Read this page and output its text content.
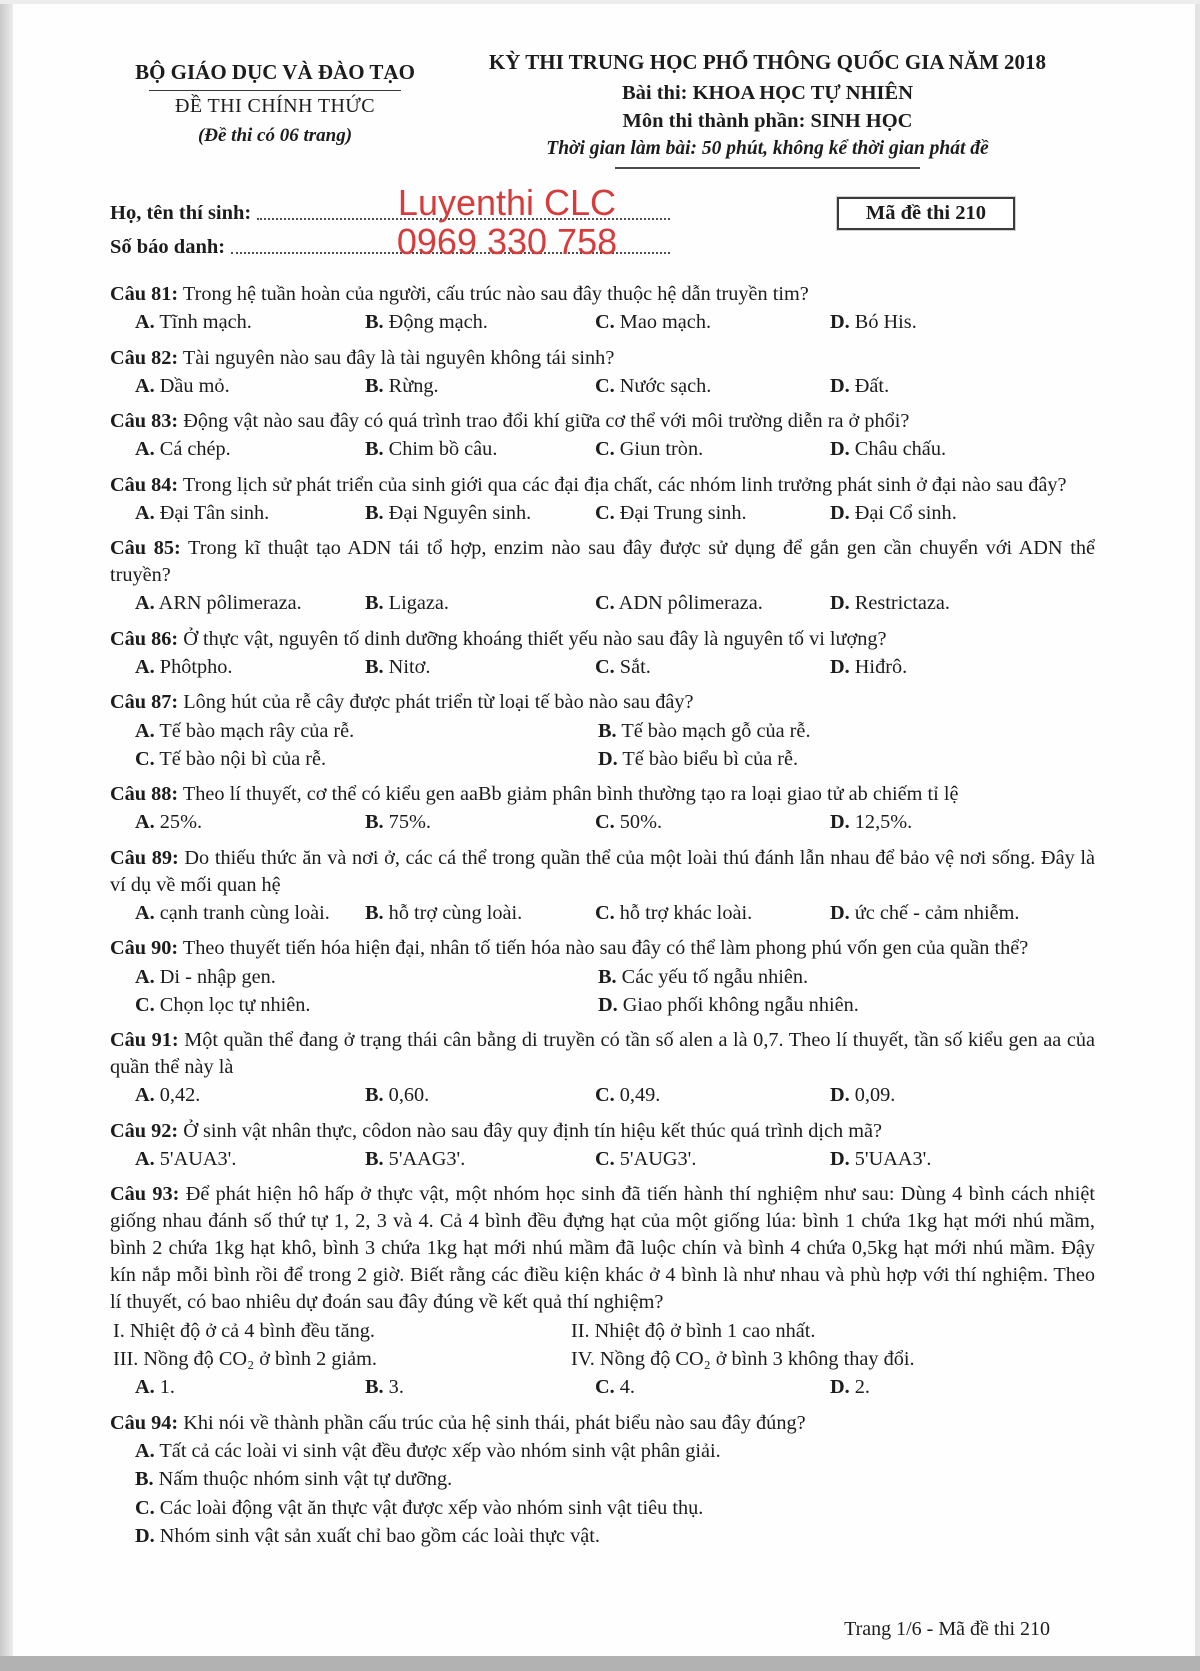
BỘ GIÁO DỤC VÀ ĐÀO TẠO
ĐỀ THI CHÍNH THỨC
(Đề thi có 06 trang)
KỲ THI TRUNG HỌC PHỔ THÔNG QUỐC GIA NĂM 2018
Bài thi: KHOA HỌC TỰ NHIÊN
Môn thi thành phần: SINH HỌC
Thời gian làm bài: 50 phút, không kể thời gian phát đề
Họ, tên thí sinh:
Số báo danh:
Mã đề thi 210
Luyenthi CLC
0969 330 758

Câu 81: Trong hệ tuần hoàn của người, cấu trúc nào sau đây thuộc hệ dẫn truyền tim?

A. Tĩnh mạch.	B. Động mạch.	C. Mao mạch.	D. Bó His.

Câu 82: Tài nguyên nào sau đây là tài nguyên không tái sinh?

A. Dầu mỏ.	B. Rừng.	C. Nước sạch.	D. Đất.

Câu 83: Động vật nào sau đây có quá trình trao đổi khí giữa cơ thể với môi trường diễn ra ở phổi?

A. Cá chép.	B. Chim bồ câu.	C. Giun tròn.	D. Châu chấu.

Câu 84: Trong lịch sử phát triển của sinh giới qua các đại địa chất, các nhóm linh trưởng phát sinh ở đại nào sau đây?

A. Đại Tân sinh.	B. Đại Nguyên sinh.	C. Đại Trung sinh.	D. Đại Cổ sinh.

Câu 85: Trong kĩ thuật tạo ADN tái tổ hợp, enzim nào sau đây được sử dụng để gắn gen cần chuyển với ADN thể truyền?

A. ARN pôlimeraza.	B. Ligaza.	C. ADN pôlimeraza.	D. Restrictaza.

Câu 86: Ở thực vật, nguyên tố dinh dưỡng khoáng thiết yếu nào sau đây là nguyên tố vi lượng?

A. Phôtpho.	B. Nitơ.	C. Sắt.	D. Hiđrô.

Câu 87: Lông hút của rễ cây được phát triển từ loại tế bào nào sau đây?

A. Tế bào mạch rây của rễ.	B. Tế bào mạch gỗ của rễ.
C. Tế bào nội bì của rễ.	D. Tế bào biểu bì của rễ.

Câu 88: Theo lí thuyết, cơ thể có kiểu gen aaBb giảm phân bình thường tạo ra loại giao tử ab chiếm tỉ lệ

A. 25%.	B. 75%.	C. 50%.	D. 12,5%.

Câu 89: Do thiếu thức ăn và nơi ở, các cá thể trong quần thể của một loài thú đánh lẫn nhau để bảo vệ nơi sống. Đây là ví dụ về mối quan hệ

A. cạnh tranh cùng loài.	B. hỗ trợ cùng loài.	C. hỗ trợ khác loài.	D. ức chế - cảm nhiễm.

Câu 90: Theo thuyết tiến hóa hiện đại, nhân tố tiến hóa nào sau đây có thể làm phong phú vốn gen của quần thể?

A. Di - nhập gen.	B. Các yếu tố ngẫu nhiên.
C. Chọn lọc tự nhiên.	D. Giao phối không ngẫu nhiên.

Câu 91: Một quần thể đang ở trạng thái cân bằng di truyền có tần số alen a là 0,7. Theo lí thuyết, tần số kiểu gen aa của quần thể này là

A. 0,42.	B. 0,60.	C. 0,49.	D. 0,09.

Câu 92: Ở sinh vật nhân thực, côdon nào sau đây quy định tín hiệu kết thúc quá trình dịch mã?

A. 5'AUA3'.	B. 5'AAG3'.	C. 5'AUG3'.	D. 5'UAA3'.

Câu 93: Để phát hiện hô hấp ở thực vật, một nhóm học sinh đã tiến hành thí nghiệm như sau: Dùng 4 bình cách nhiệt giống nhau đánh số thứ tự 1, 2, 3 và 4. Cả 4 bình đều đựng hạt của một giống lúa: bình 1 chứa 1kg hạt mới nhú mầm, bình 2 chứa 1kg hạt khô, bình 3 chứa 1kg hạt mới nhú mầm đã luộc chín và bình 4 chứa 0,5kg hạt mới nhú mầm. Đậy kín nắp mỗi bình rồi để trong 2 giờ. Biết rằng các điều kiện khác ở 4 bình là như nhau và phù hợp với thí nghiệm. Theo lí thuyết, có bao nhiêu dự đoán sau đây đúng về kết quả thí nghiệm?

I. Nhiệt độ ở cả 4 bình đều tăng.	II. Nhiệt độ ở bình 1 cao nhất.
III. Nồng độ CO₂ ở bình 2 giảm.	IV. Nồng độ CO₂ ở bình 3 không thay đổi.
A. 1.	B. 3.	C. 4.	D. 2.

Câu 94: Khi nói về thành phần cấu trúc của hệ sinh thái, phát biểu nào sau đây đúng?

A. Tất cả các loài vi sinh vật đều được xếp vào nhóm sinh vật phân giải.
B. Nấm thuộc nhóm sinh vật tự dưỡng.
C. Các loài động vật ăn thực vật được xếp vào nhóm sinh vật tiêu thụ.
D. Nhóm sinh vật sản xuất chỉ bao gồm các loài thực vật.
Trang 1/6 - Mã đề thi 210
